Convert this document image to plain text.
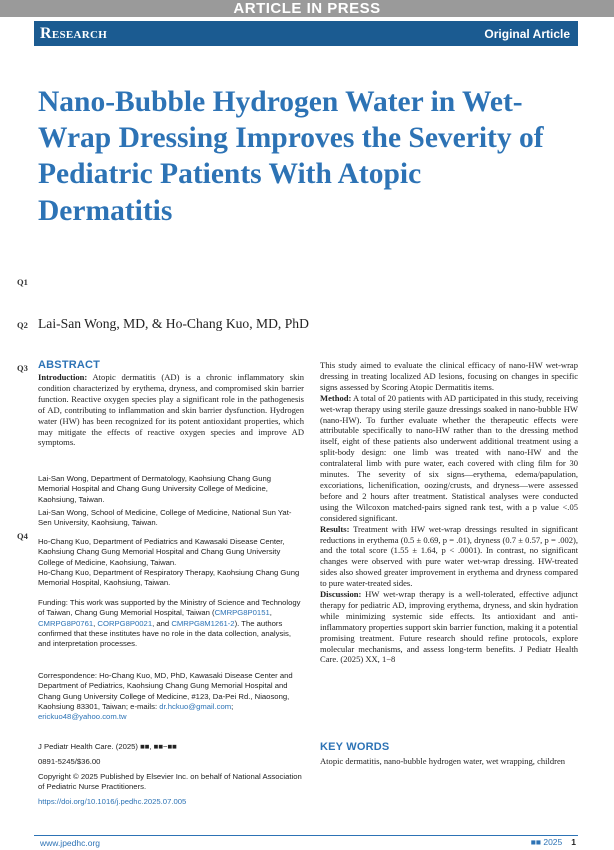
ARTICLE IN PRESS
Research	Original Article
Nano-Bubble Hydrogen Water in Wet-Wrap Dressing Improves the Severity of Pediatric Patients With Atopic Dermatitis
Q1
Q2 Lai-San Wong, MD, & Ho-Chang Kuo, MD, PhD
Q3 ABSTRACT
Introduction: Atopic dermatitis (AD) is a chronic inflammatory skin condition characterized by erythema, dryness, and compromised skin barrier function. Reactive oxygen species play a significant role in the pathogenesis of AD, contributing to inflammation and skin barrier dysfunction. Hydrogen water (HW) has been recognized for its potent antioxidant properties, which may mitigate the effects of reactive oxygen species and improve AD symptoms.
Lai-San Wong, Department of Dermatology, Kaohsiung Chang Gung Memorial Hospital and Chang Gung University College of Medicine, Kaohsiung, Taiwan.
Lai-San Wong, School of Medicine, College of Medicine, National Sun Yat-Sen University, Kaohsiung, Taiwan.
Q4
Ho-Chang Kuo, Department of Pediatrics and Kawasaki Disease Center, Kaohsiung Chang Gung Memorial Hospital and Chang Gung University College of Medicine, Kaohsiung, Taiwan.
Ho-Chang Kuo, Department of Respiratory Therapy, Kaohsiung Chang Gung Memorial Hospital, Kaohsiung, Taiwan.
Funding: This work was supported by the Ministry of Science and Technology of Taiwan, Chang Gung Memorial Hospital, Taiwan (CMRPG8P0151, CMRPG8P0761, CORPG8P0021, and CMRPG8M1261-2). The authors confirmed that these institutes have no role in the data collection, analysis, and interpretation processes.
Correspondence: Ho-Chang Kuo, MD, PhD, Kawasaki Disease Center and Department of Pediatrics, Kaohsiung Chang Gung Memorial Hospital and Chang Gung University College of Medicine, #123, Da-Pei Rd., Niaosong, Kaohsiung 83301, Taiwan; e-mails: dr.hckuo@gmail.com; erickuo48@yahoo.com.tw
J Pediatr Health Care. (2025) ■■, ■■−■■
0891-5245/$36.00
Copyright © 2025 Published by Elsevier Inc. on behalf of National Association of Pediatric Nurse Practitioners.
https://doi.org/10.1016/j.pedhc.2025.07.005

This study aimed to evaluate the clinical efficacy of nano-HW wet-wrap dressing in treating localized AD lesions, focusing on changes in specific signs assessed by Scoring Atopic Dermatitis items.

Method: A total of 20 patients with AD participated in this study, receiving wet-wrap therapy using sterile gauze dressings soaked in nano-bubble HW (nano-HW). To further evaluate whether the therapeutic effects were attributable specifically to nano-HW rather than to the dressing method itself, eight of these patients also underwent additional treatment using a split-body design: one limb was treated with nano-HW and the contralateral limb with pure water, each covered with cling film for 30 minutes. The severity of six signs—erythema, edema/papulation, excoriations, lichenification, oozing/crusts, and dryness—were assessed before and 2 hours after treatment. Statistical analyses were conducted using the Wilcoxon matched-pairs signed rank test, with a p value <.05 considered significant.

Results: Treatment with HW wet-wrap dressings resulted in significant reductions in erythema (0.5 ± 0.69, p = .01), dryness (0.7 ± 0.57, p = .002), and the total score (1.55 ± 1.64, p < .0001). In contrast, no significant changes were observed with pure water wet-wrap dressing. HW-treated sides also showed greater improvement in erythema and dryness compared to pure water-treated sides.

Discussion: HW wet-wrap therapy is a well-tolerated, effective adjunct therapy for pediatric AD, improving erythema, dryness, and skin hydration while minimizing systemic side effects. Its antioxidant and anti-inflammatory properties support skin barrier function, making it a potential promising treatment. Future research should refine protocols, explore molecular mechanisms, and assess long-term benefits. J Pediatr Health Care. (2025) XX, 1−8

KEY WORDS
Atopic dermatitis, nano-bubble hydrogen water, wet wrapping, children
www.jpedhc.org	■■ 2025 1
